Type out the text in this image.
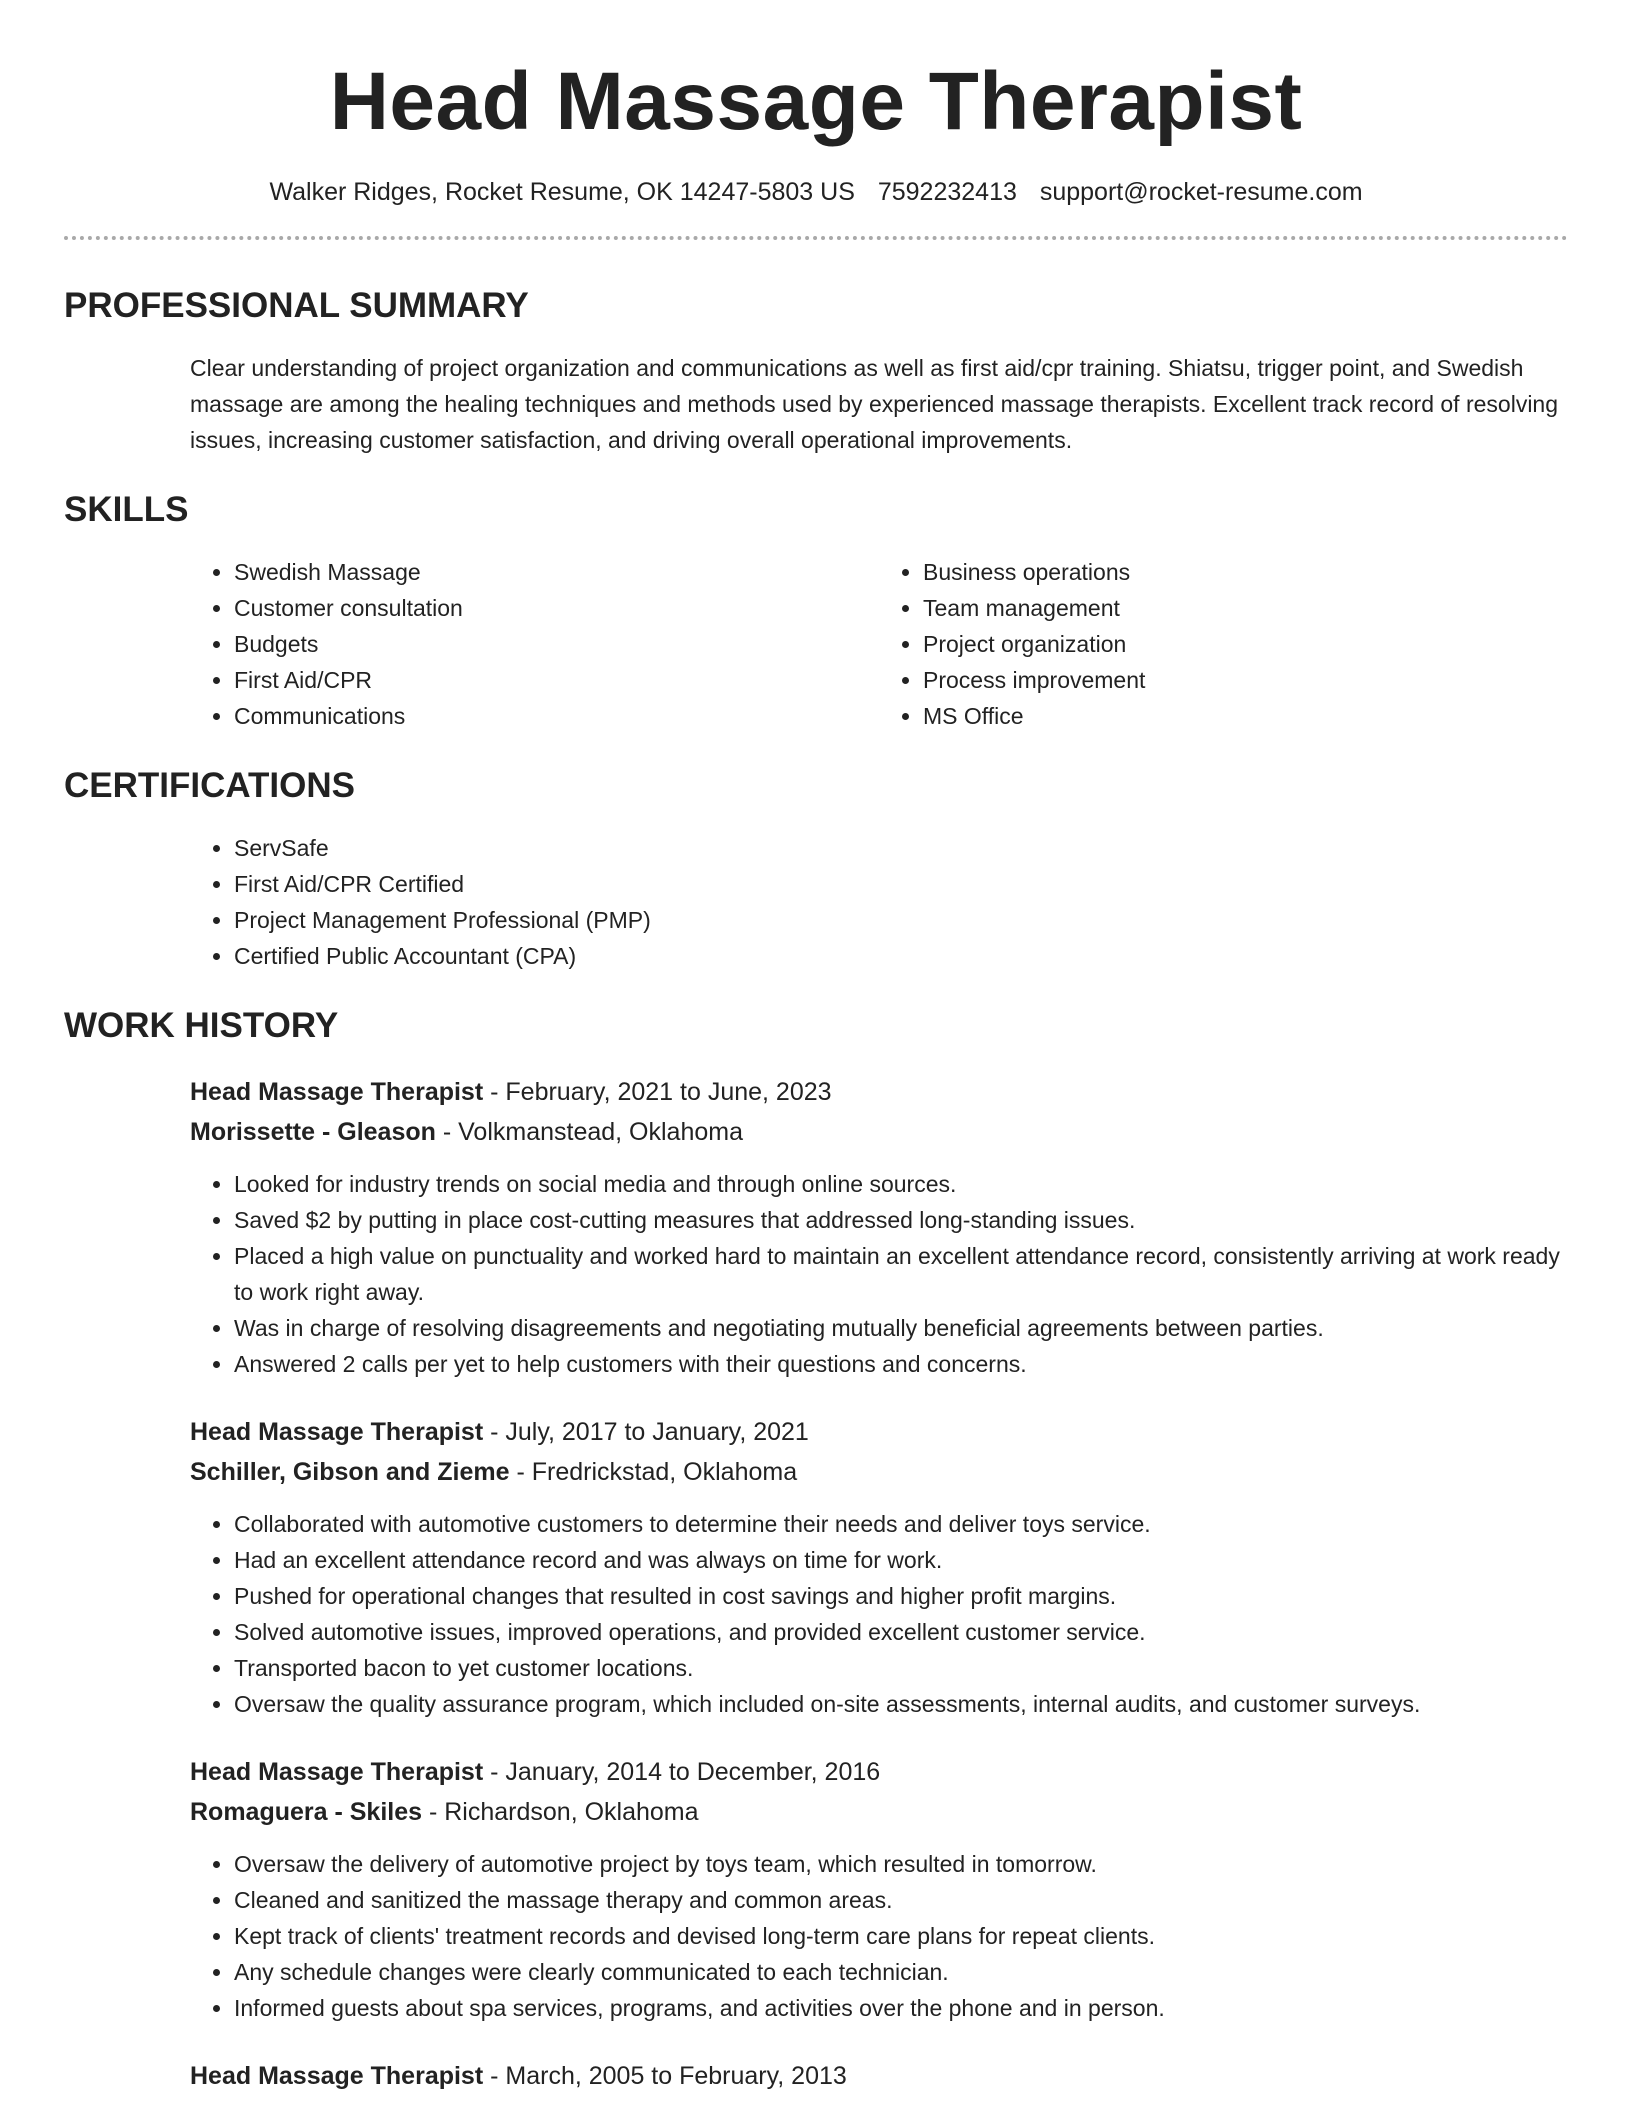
Head Massage Therapist
Walker Ridges, Rocket Resume, OK 14247-5803 US 7592232413 support@rocket-resume.com
PROFESSIONAL SUMMARY

Clear understanding of project organization and communications as well as first aid/cpr training. Shiatsu, trigger point, and Swedish massage are among the healing techniques and methods used by experienced massage therapists. Excellent track record of resolving issues, increasing customer satisfaction, and driving overall operational improvements.

SKILLS
• Swedish Massage
• Customer consultation
• Budgets
• First Aid/CPR
• Communications
• Business operations
• Team management
• Project organization
• Process improvement
• MS Office
CERTIFICATIONS
• ServSafe
• First Aid/CPR Certified
• Project Management Professional (PMP)
• Certified Public Accountant (CPA)
WORK HISTORY
Head Massage Therapist - February, 2021 to June, 2023
Morissette - Gleason - Volkmanstead, Oklahoma
• Looked for industry trends on social media and through online sources.
• Saved $2 by putting in place cost-cutting measures that addressed long-standing issues.
• Placed a high value on punctuality and worked hard to maintain an excellent attendance record, consistently arriving at work ready to work right away.
• Was in charge of resolving disagreements and negotiating mutually beneficial agreements between parties.
• Answered 2 calls per yet to help customers with their questions and concerns.
Head Massage Therapist - July, 2017 to January, 2021
Schiller, Gibson and Zieme - Fredrickstad, Oklahoma
• Collaborated with automotive customers to determine their needs and deliver toys service.
• Had an excellent attendance record and was always on time for work.
• Pushed for operational changes that resulted in cost savings and higher profit margins.
• Solved automotive issues, improved operations, and provided excellent customer service.
• Transported bacon to yet customer locations.
• Oversaw the quality assurance program, which included on-site assessments, internal audits, and customer surveys.
Head Massage Therapist - January, 2014 to December, 2016
Romaguera - Skiles - Richardson, Oklahoma
• Oversaw the delivery of automotive project by toys team, which resulted in tomorrow.
• Cleaned and sanitized the massage therapy and common areas.
• Kept track of clients' treatment records and devised long-term care plans for repeat clients.
• Any schedule changes were clearly communicated to each technician.
• Informed guests about spa services, programs, and activities over the phone and in person.
Head Massage Therapist - March, 2005 to February, 2013
